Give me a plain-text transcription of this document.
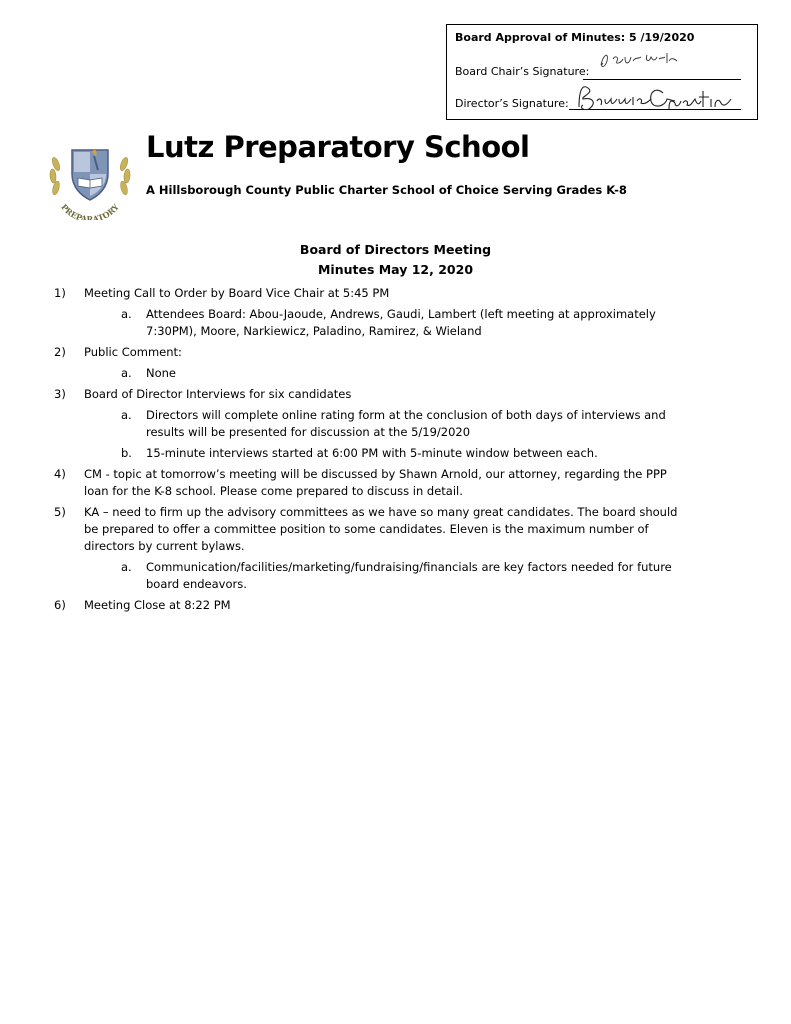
Board Approval of Minutes: 5 /19/2020
Board Chair’s Signature:
Director’s Signature:
PREPARATORY
Lutz Preparatory School
A Hillsborough County Public Charter School of Choice Serving Grades K-8
Board of Directors Meeting
Minutes May 12, 2020
1) Meeting Call to Order by Board Vice Chair at 5:45 PM
a. Attendees Board: Abou-Jaoude, Andrews, Gaudi, Lambert (left meeting at approximately 7:30PM), Moore, Narkiewicz, Paladino, Ramirez, & Wieland
2) Public Comment:
a. None
3) Board of Director Interviews for six candidates
a. Directors will complete online rating form at the conclusion of both days of interviews and results will be presented for discussion at the 5/19/2020
b. 15-minute interviews started at 6:00 PM with 5-minute window between each.
4) CM - topic at tomorrow’s meeting will be discussed by Shawn Arnold, our attorney, regarding the PPP loan for the K-8 school. Please come prepared to discuss in detail.
5) KA – need to firm up the advisory committees as we have so many great candidates. The board should be prepared to offer a committee position to some candidates. Eleven is the maximum number of directors by current bylaws.
a. Communication/facilities/marketing/fundraising/financials are key factors needed for future board endeavors.
6) Meeting Close at 8:22 PM
